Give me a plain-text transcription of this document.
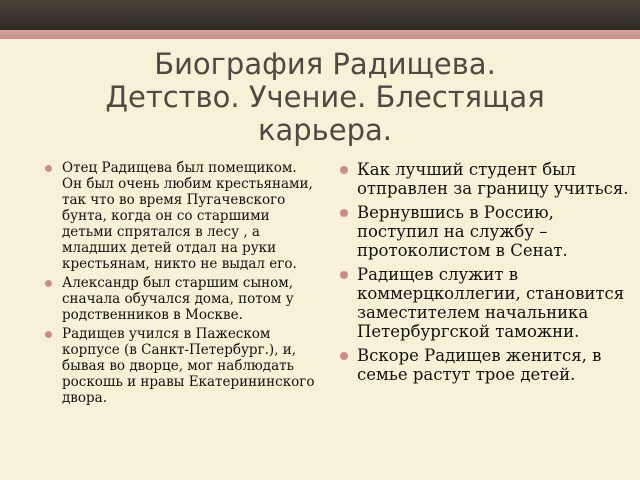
Биография Радищева.
Детство. Учение. Блестящая
карьера.
Отец Радищева был помещиком. Он был очень любим крестьянами, так что во время Пугачевского бунта, когда он со старшими детьми спрятался в лесу , а младших детей отдал на руки крестьянам, никто не выдал его.
Александр был старшим сыном, сначала обучался дома, потом у родственников в Москве.
Радищев учился в Пажеском корпусе (в Санкт-Петербург.), и, бывая во дворце, мог наблюдать роскошь и нравы Екатерининского двора.
Как лучший студент был отправлен за границу учиться.
Вернувшись в Россию, поступил на службу – протоколистом в Сенат.
Радищев служит в коммерцколлегии, становится заместителем начальника Петербургской таможни.
Вскоре Радищев женится, в семье растут трое детей.
